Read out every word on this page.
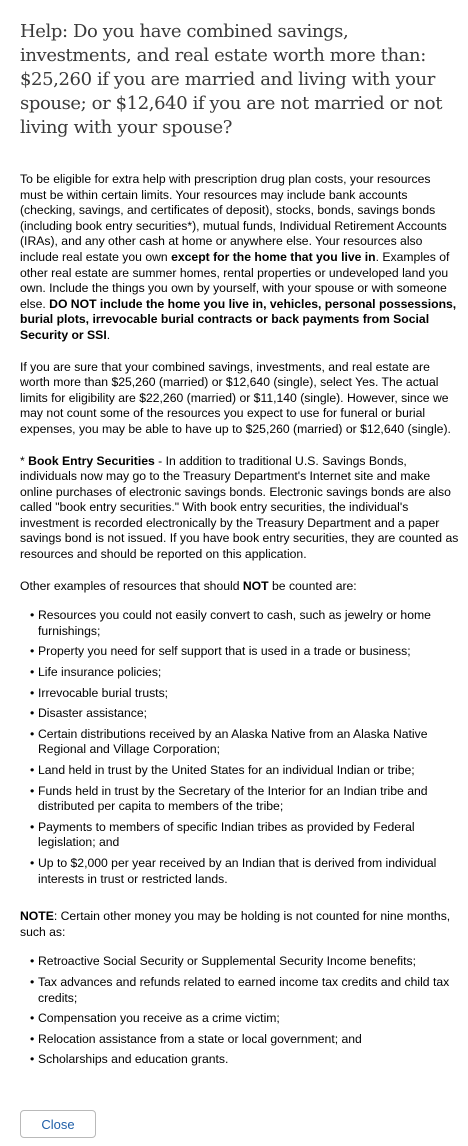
Help: Do you have combined savings, investments, and real estate worth more than: $25,260 if you are married and living with your spouse; or $12,640 if you are not married or not living with your spouse?

To be eligible for extra help with prescription drug plan costs, your resources must be within certain limits. Your resources may include bank accounts (checking, savings, and certificates of deposit), stocks, bonds, savings bonds (including book entry securities*), mutual funds, Individual Retirement Accounts (IRAs), and any other cash at home or anywhere else. Your resources also include real estate you own except for the home that you live in. Examples of other real estate are summer homes, rental properties or undeveloped land you own. Include the things you own by yourself, with your spouse or with someone else. DO NOT include the home you live in, vehicles, personal possessions, burial plots, irrevocable burial contracts or back payments from Social Security or SSI.

If you are sure that your combined savings, investments, and real estate are worth more than $25,260 (married) or $12,640 (single), select Yes. The actual limits for eligibility are $22,260 (married) or $11,140 (single). However, since we may not count some of the resources you expect to use for funeral or burial expenses, you may be able to have up to $25,260 (married) or $12,640 (single).

* Book Entry Securities - In addition to traditional U.S. Savings Bonds, individuals now may go to the Treasury Department's Internet site and make online purchases of electronic savings bonds. Electronic savings bonds are also called "book entry securities." With book entry securities, the individual's investment is recorded electronically by the Treasury Department and a paper savings bond is not issued. If you have book entry securities, they are counted as resources and should be reported on this application.

Other examples of resources that should NOT be counted are:

• Resources you could not easily convert to cash, such as jewelry or home furnishings;
• Property you need for self support that is used in a trade or business;
• Life insurance policies;
• Irrevocable burial trusts;
• Disaster assistance;
• Certain distributions received by an Alaska Native from an Alaska Native Regional and Village Corporation;
• Land held in trust by the United States for an individual Indian or tribe;
• Funds held in trust by the Secretary of the Interior for an Indian tribe and distributed per capita to members of the tribe;
• Payments to members of specific Indian tribes as provided by Federal legislation; and
• Up to $2,000 per year received by an Indian that is derived from individual interests in trust or restricted lands.

NOTE: Certain other money you may be holding is not counted for nine months, such as:

• Retroactive Social Security or Supplemental Security Income benefits;
• Tax advances and refunds related to earned income tax credits and child tax credits;
• Compensation you receive as a crime victim;
• Relocation assistance from a state or local government; and
• Scholarships and education grants.
Close
